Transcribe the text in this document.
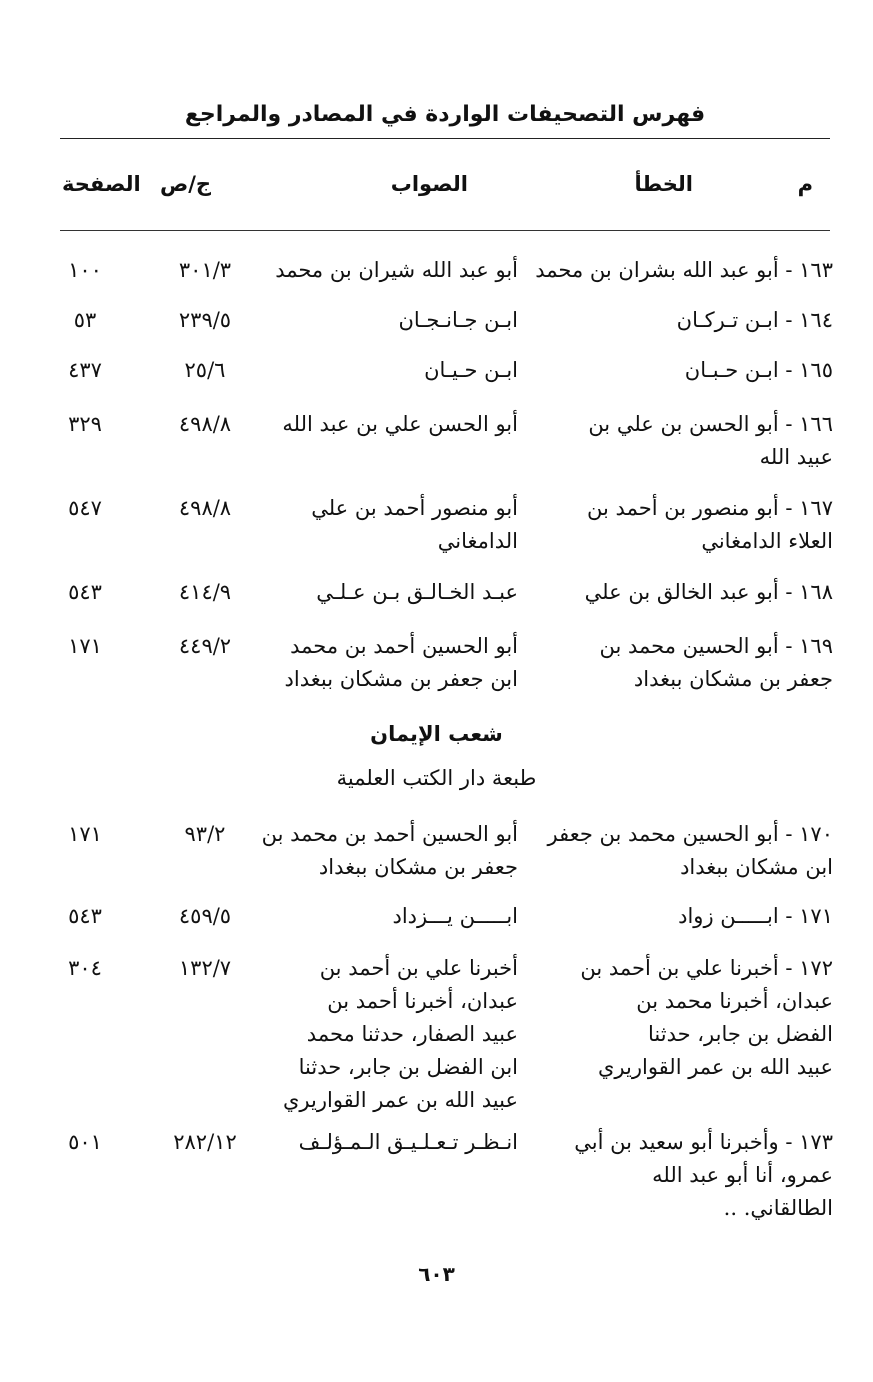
فهرس التصحيفات الواردة في المصادر والمراجع
م
الخطأ
الصواب
ج/ص
الصفحة
١٦٣ - أبو عبد الله بشران بن محمد
أبو عبد الله شيران بن محمد
٣٠١/٣
١٠٠
١٦٤ - ابـن تـركـان
ابـن جـانـجـان
٢٣٩/٥
٥٣
١٦٥ - ابـن حـبـان
ابـن حـيـان
٢٥/٦
٤٣٧
١٦٦ - أبو الحسن بن علي بن
عبيد الله
أبو الحسن علي بن عبد الله
٤٩٨/٨
٣٢٩
١٦٧ - أبو منصور بن أحمد بن
العلاء الدامغاني
أبو منصور أحمد بن علي
الدامغاني
٤٩٨/٨
٥٤٧
١٦٨ - أبو عبد الخالق بن علي
عبـد الخـالـق بـن عـلـي
٤١٤/٩
٥٤٣
١٦٩ - أبو الحسين محمد بن
جعفر بن مشكان ببغداد
أبو الحسين أحمد بن محمد
ابن جعفر بن مشكان ببغداد
٤٤٩/٢
١٧١
شعب الإيمان
طبعة دار الكتب العلمية
١٧٠ - أبو الحسين محمد بن جعفر
ابن مشكان ببغداد
أبو الحسين أحمد بن محمد بن
جعفر بن مشكان ببغداد
٩٣/٢
١٧١
١٧١ - ابـــــن زواد
ابـــــن يـــزداد
٤٥٩/٥
٥٤٣
١٧٢ - أخبرنا علي بن أحمد بن
عبدان، أخبرنا محمد بن
الفضل بن جابر، حدثنا
عبيد الله بن عمر القواريري
أخبرنا علي بن أحمد بن
عبدان، أخبرنا أحمد بن
عبيد الصفار، حدثنا محمد
ابن الفضل بن جابر، حدثنا
عبيد الله بن عمر القواريري
١٣٢/٧
٣٠٤
١٧٣ - وأخبرنا أبو سعيد بن أبي
عمرو، أنا أبو عبد الله
الطالقاني. ..
انـظـر تـعـلـيـق الـمـؤلـف
٢٨٢/١٢
٥٠١
٦٠٣
